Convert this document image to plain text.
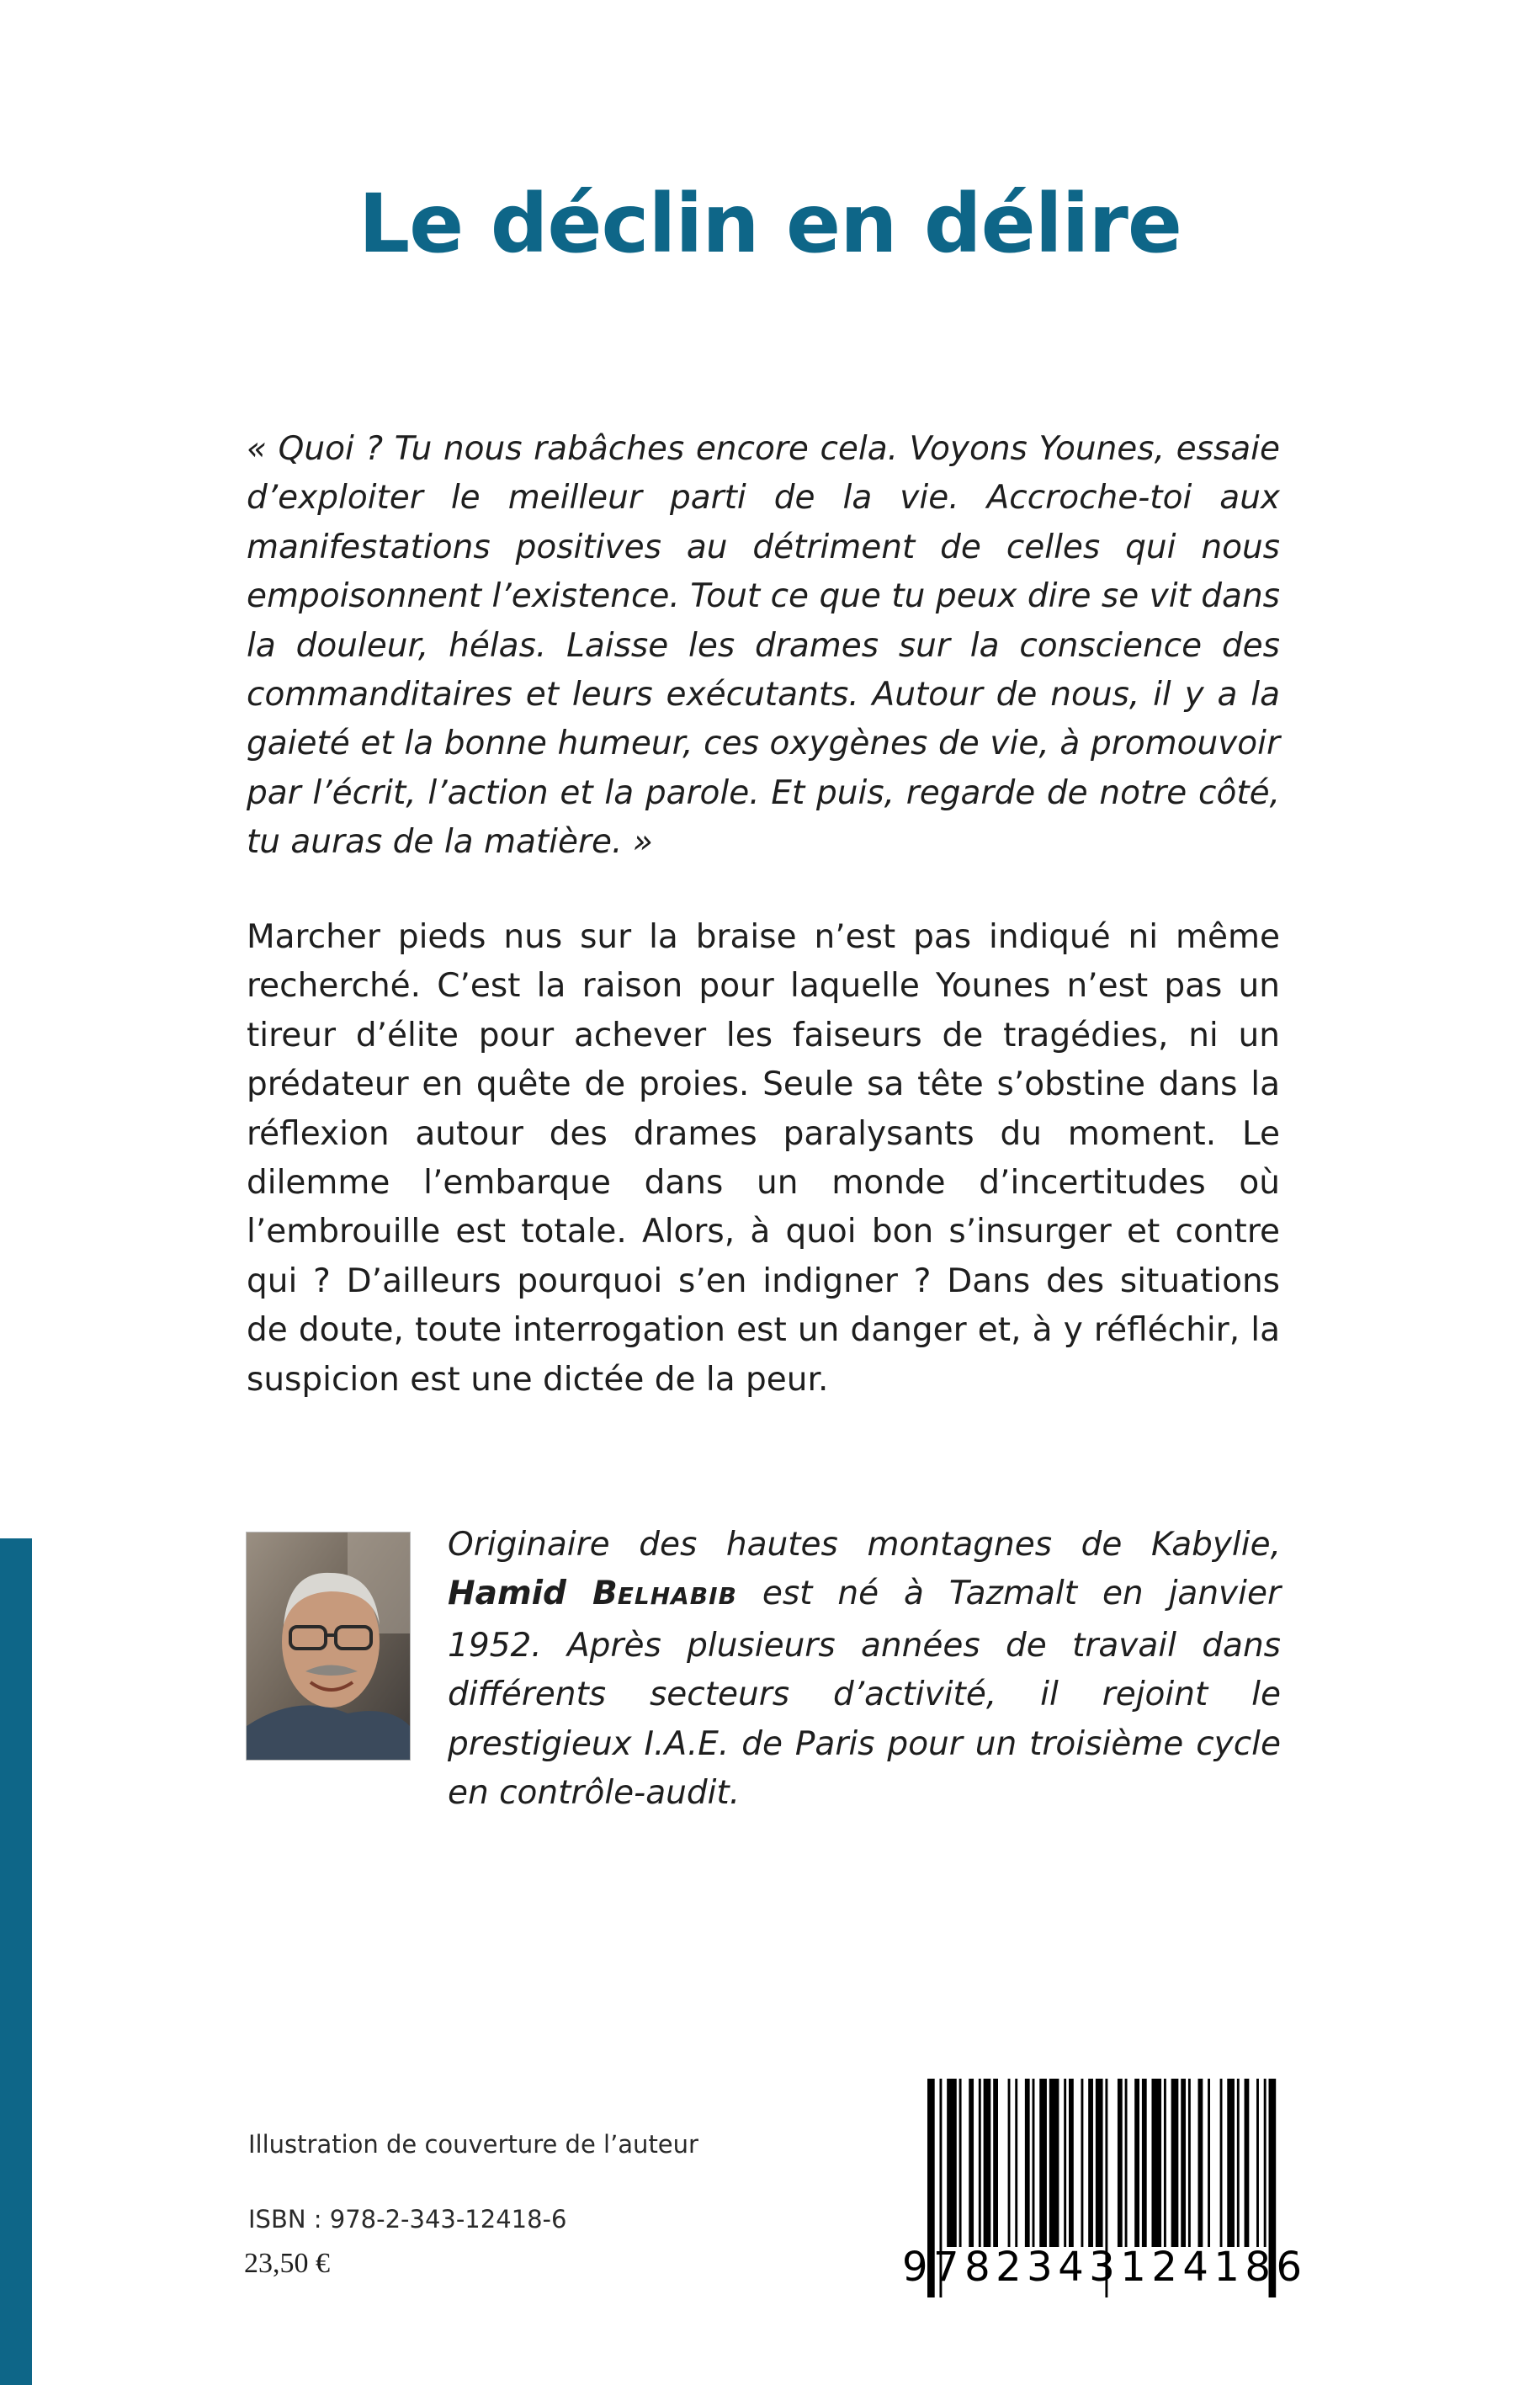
Le déclin en délire

« Quoi ? Tu nous rabâches encore cela. Voyons Younes, essaie d’exploiter le meilleur parti de la vie. Accroche-toi aux manifestations positives au détriment de celles qui nous empoisonnent l’existence. Tout ce que tu peux dire se vit dans la douleur, hélas. Laisse les drames sur la conscience des commanditaires et leurs exécutants. Autour de nous, il y a la gaieté et la bonne humeur, ces oxygènes de vie, à promouvoir par l’écrit, l’action et la parole. Et puis, regarde de notre côté, tu auras de la matière. »

Marcher pieds nus sur la braise n’est pas indiqué ni même recherché. C’est la raison pour laquelle Younes n’est pas un tireur d’élite pour achever les faiseurs de tragédies, ni un prédateur en quête de proies. Seule sa tête s’obstine dans la réflexion autour des drames paralysants du moment. Le dilemme l’embarque dans un monde d’incertitudes où l’embrouille est totale. Alors, à quoi bon s’insurger et contre qui ? D’ailleurs pourquoi s’en indigner ? Dans des situations de doute, toute interrogation est un danger et, à y réfléchir, la suspicion est une dictée de la peur.

Originaire des hautes montagnes de Kabylie, Hamid BELHABIB est né à Tazmalt en janvier 1952. Après plusieurs années de travail dans différents secteurs d’activité, il rejoint le prestigieux I.A.E. de Paris pour un troisième cycle en contrôle-audit.

Illustration de couverture de l’auteur

ISBN : 978-2-343-12418-6

23,50 €	9782343124186
